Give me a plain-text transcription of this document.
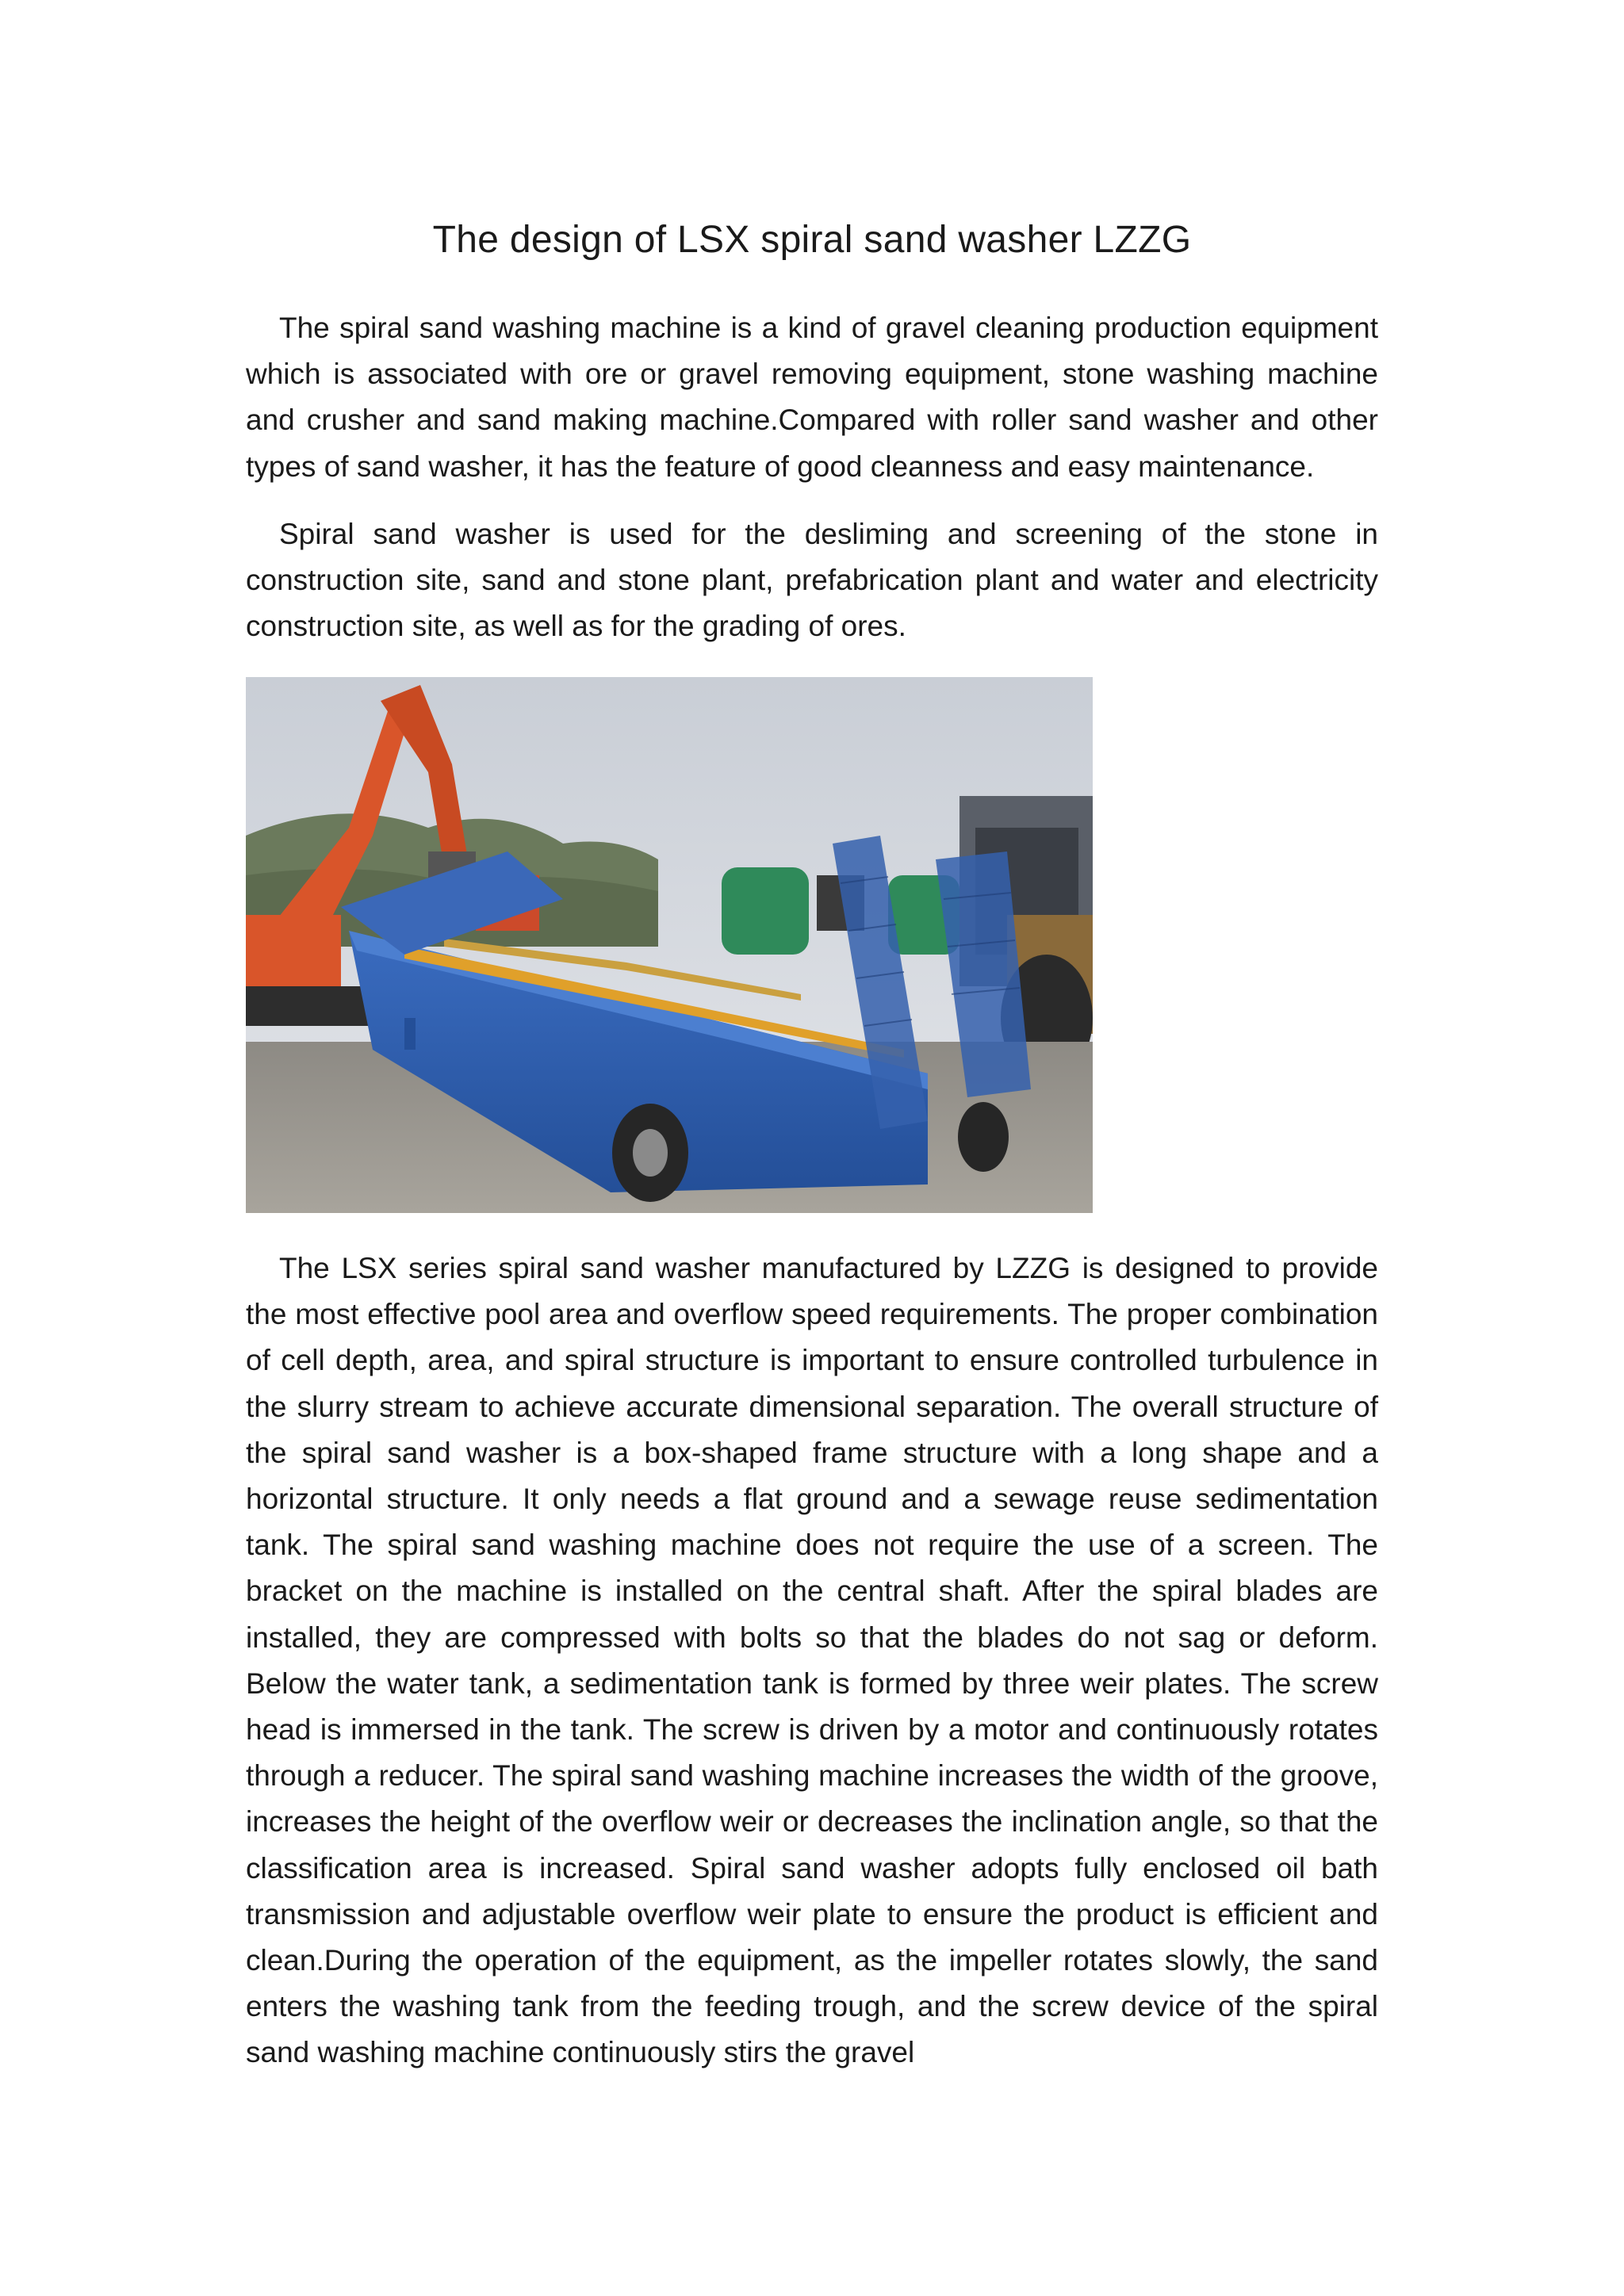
The design of LSX spiral sand washer LZZG

The spiral sand washing machine is a kind of gravel cleaning production equipment which is associated with ore or gravel removing equipment, stone washing machine and crusher and sand making machine.Compared with roller sand washer and other types of sand washer, it has the feature of good cleanness and easy maintenance.

Spiral sand washer is used for the desliming and screening of the stone in construction site, sand and stone plant, prefabrication plant and water and electricity construction site, as well as for the grading of ores.

The LSX series spiral sand washer manufactured by LZZG is designed to provide the most effective pool area and overflow speed requirements. The proper combination of cell depth, area, and spiral structure is important to ensure controlled turbulence in the slurry stream to achieve accurate dimensional separation. The overall structure of the spiral sand washer is a box-shaped frame structure with a long shape and a horizontal structure. It only needs a flat ground and a sewage reuse sedimentation tank. The spiral sand washing machine does not require the use of a screen. The bracket on the machine is installed on the central shaft. After the spiral blades are installed, they are compressed with bolts so that the blades do not sag or deform. Below the water tank, a sedimentation tank is formed by three weir plates. The screw head is immersed in the tank. The screw is driven by a motor and continuously rotates through a reducer. The spiral sand washing machine increases the width of the groove, increases the height of the overflow weir or decreases the inclination angle, so that the classification area is increased. Spiral sand washer adopts fully enclosed oil bath transmission and adjustable overflow weir plate to ensure the product is efficient and clean.During the operation of the equipment, as the impeller rotates slowly, the sand enters the washing tank from the feeding trough, and the screw device of the spiral sand washing machine continuously stirs the gravel
